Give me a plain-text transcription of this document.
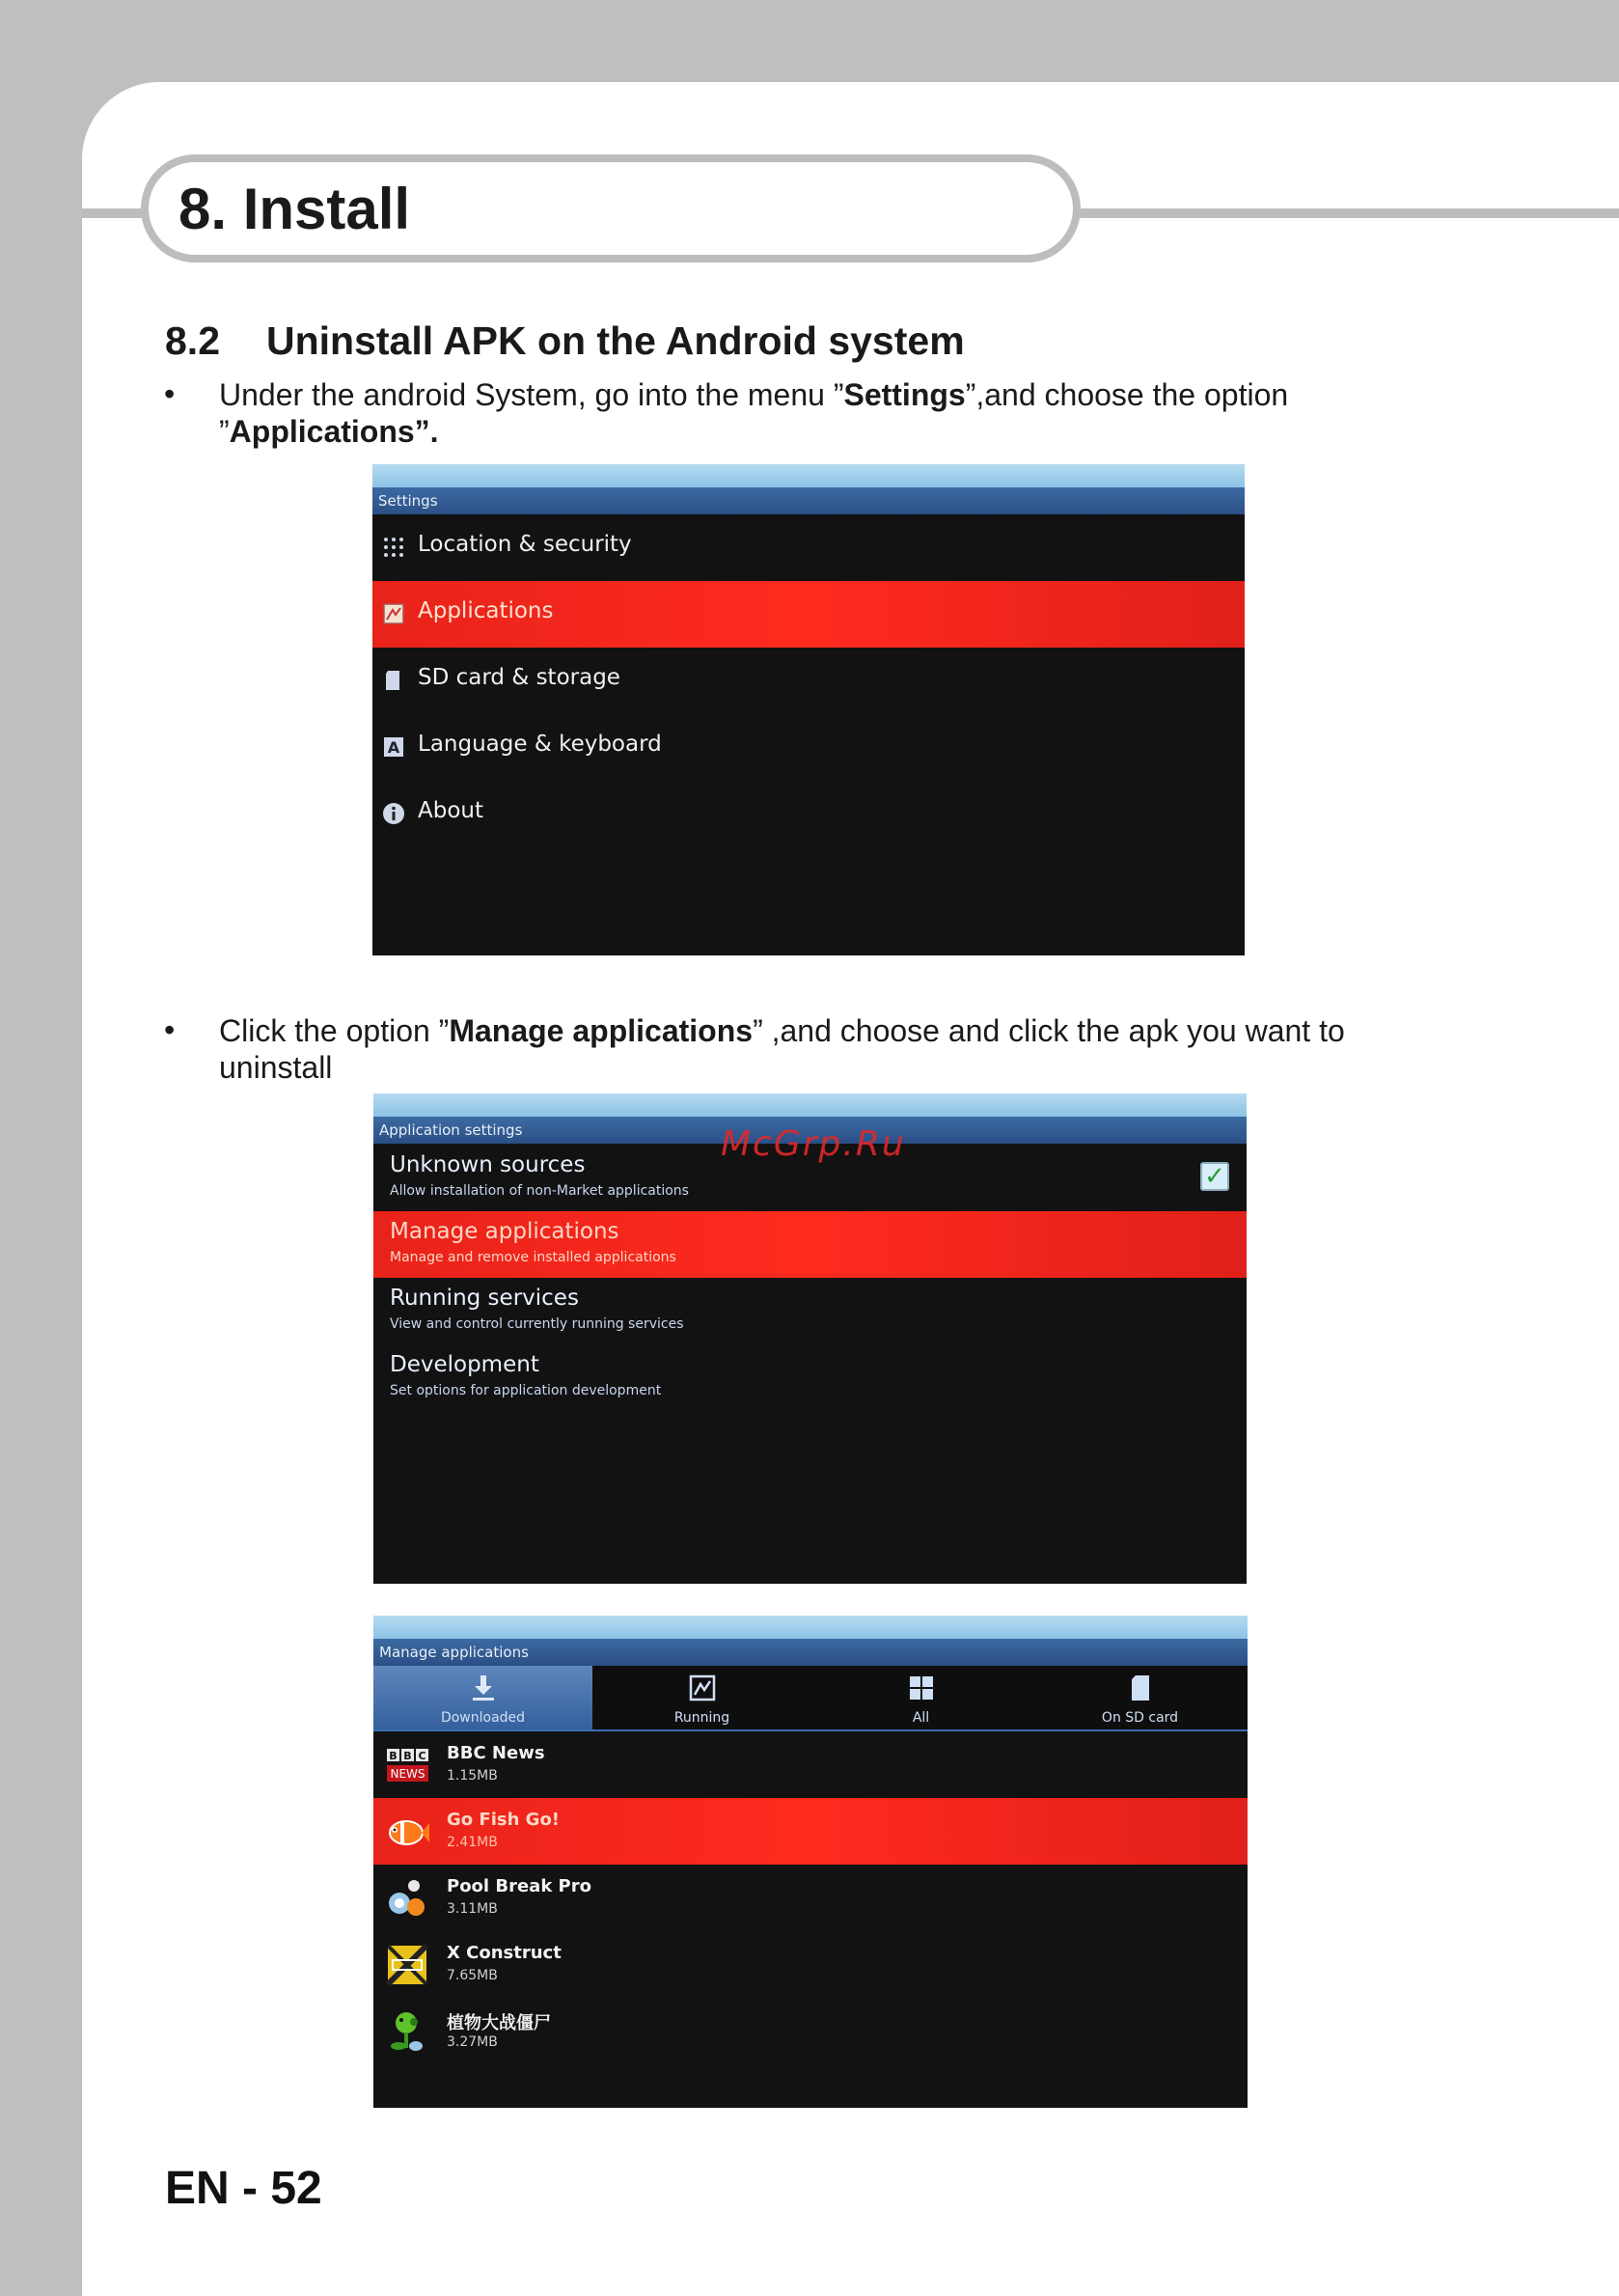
8. Install
8.2 Uninstall APK on the Android system
• Under the android System, go into the menu ”Settings”,and choose the option
”Applications”.
Settings
Location & security
Applications
SD card & storage
A Language & keyboard
About
• Click the option ”Manage applications” ,and choose and click the apk you want to
uninstall
Application settings
Unknown sources
Allow installation of non-Market applications	✓
Manage applications
Manage and remove installed applications
Running services
View and control currently running services
Development
Set options for application development
McGrp.Ru
Manage applications
Downloaded	Running	All	On SD card
B B C
NEWS
BBC News
1.15MB
Go Fish Go!
2.41MB
Pool Break Pro
3.11MB
X Construct
7.65MB
植物大战僵尸
3.27MB
EN - 52
